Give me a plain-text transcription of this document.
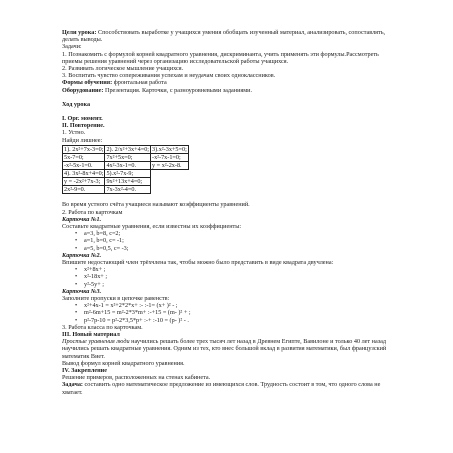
Цели урока: Способствовать выработке у учащихся умения обобщать изученный материал, анализировать, сопоставлять, делать выводы.

Задачи:

1. Познакомить с формулой корней квадратного уравнения, дискриминанта, учить применять эти формулы.Рассмотреть приемы решения уравнений через организацию исследовательской работы учащихся.

2. Развивать логическое мышление учащихся.

3. Воспитать чувство сопереживания успехам и неудачам своих одноклассников.

Формы обучения: фронтальная работа

Оборудование: Презентация. Карточки, с разноуровневыми заданиями.

Ход урока

I. Орг. момент.

II. Повторение.

1. Устно.

Найди лишнее:

1). 2x²+7x-3=0;	2). 2/x²+3x+4=0;	3).x²-3x+5=0;
5x-7=0;	7x²+5x=0;	-x²-7x-1=0;
-x²-5x-1=0.	4x²-3x-1=0.	y = x²-2x-8.
4). 3x²-8x+4=0;	5).x²-7x-9;	
y = -2x²+7x-3;	9x²+13x+4=0;	
2x²-9=0.	7x-3x²-4=0.	

Во время устного счёта учащиеся называют коэффициенты уравнений.

2. Работа по карточкам

Карточка №1.

Составьте квадратные уравнения, если известны их коэффициенты:

• a=3, b=8, c=2;
• a=1, b=0, c= -1;
• a=5, b=0,5, c= -3;

Карточка №2.

Впишите недостающий член трёхчлена так, чтобы можно было представить в виде квадрата двучлена:

• x²+8x+ ;
• x²-18x+ ;
• y²-5y+ ;

Карточка №3.

Заполните пропуски в цепочке равенств:

• x²+4x-1 = x²+2*2*x+ :- :-1= (x+ )² - ;
• m²-6m+15 = m²-2*3*m+ :-+15 = (m- )² + ;
• p²-7p-10 = p²-2*3,5*p+ :-+ :-10 = (p- )² - .

3. Работа класса по карточкам.

III. Новый материал

Простые уравнения люди научились решать более трех тысяч лет назад в Древнем Египте, Вавилоне и только 40 лет назад научились решать квадратные уравнения. Одним из тех, кто внес большой вклад в развития математики, был французский математик Виет.

Вывод формул корней квадратного уравнения.

IV. Закрепление

Решение примеров, расположенных на стенах кабинета.

Задача: составить одно математическое предложение из имеющихся слов. Трудность состоит в том, что одного слова не хватает.
